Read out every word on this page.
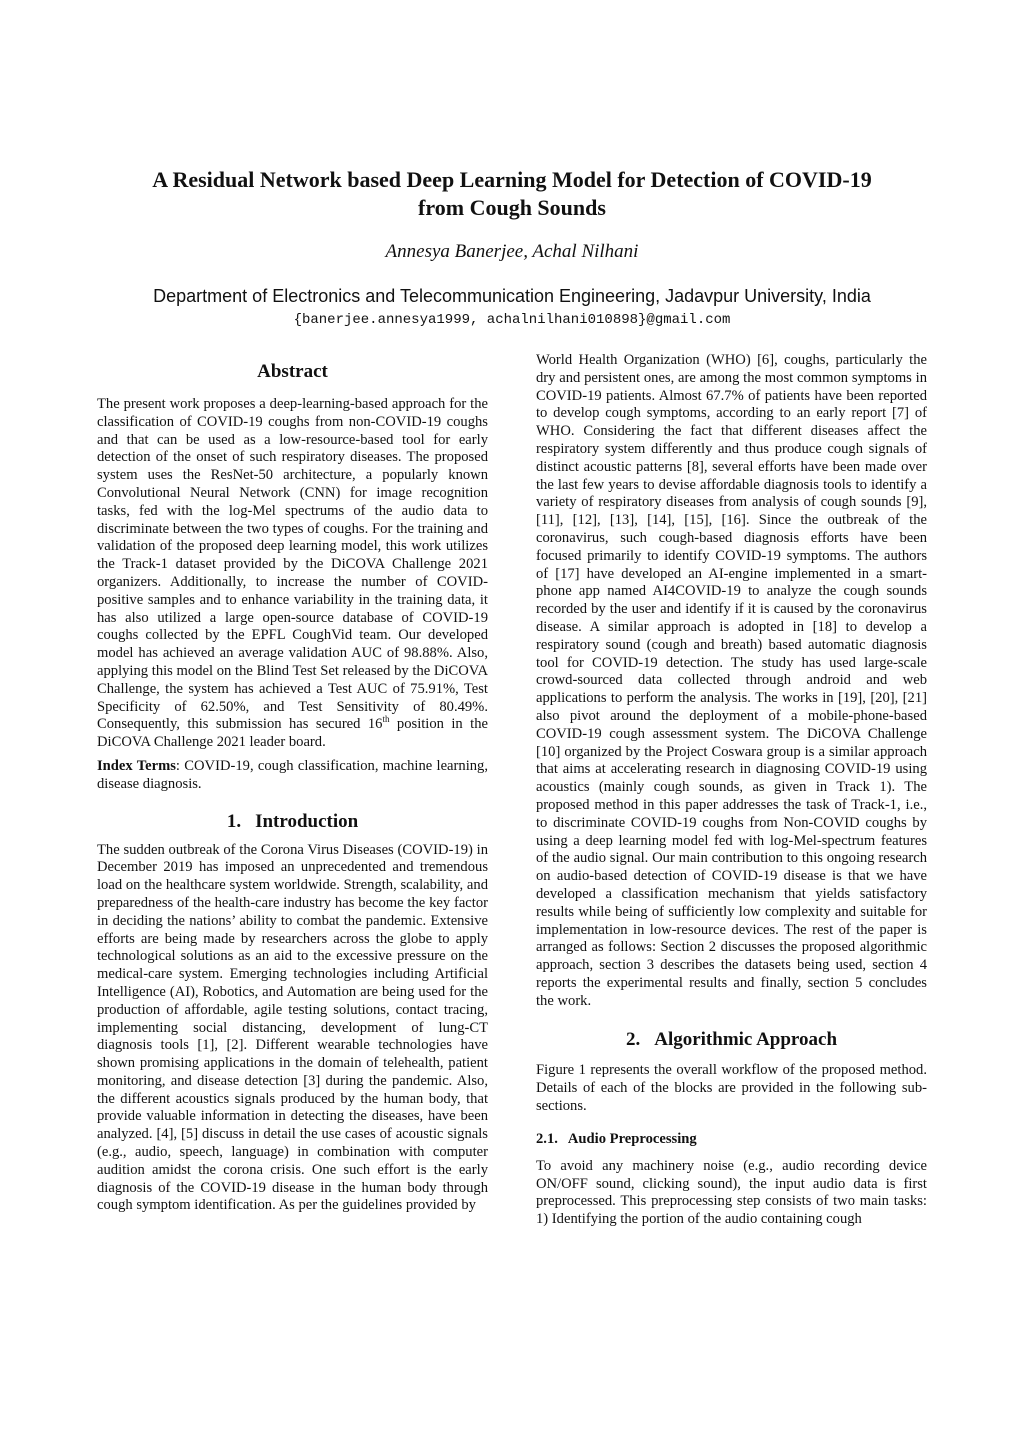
A Residual Network based Deep Learning Model for Detection of COVID-19
from Cough Sounds
Annesya Banerjee, Achal Nilhani
Department of Electronics and Telecommunication Engineering, Jadavpur University, India
{banerjee.annesya1999, achalnilhani010898}@gmail.com
Abstract

The present work proposes a deep-learning-based approach for the classification of COVID-19 coughs from non-COVID-19 coughs and that can be used as a low-resource-based tool for early detection of the onset of such respiratory diseases. The proposed system uses the ResNet-50 architecture, a popularly known Convolutional Neural Network (CNN) for image recognition tasks, fed with the log-Mel spectrums of the audio data to discriminate between the two types of coughs. For the training and validation of the proposed deep learning model, this work utilizes the Track-1 dataset provided by the DiCOVA Challenge 2021 organizers. Additionally, to increase the number of COVID-positive samples and to enhance variability in the training data, it has also utilized a large open-source database of COVID-19 coughs collected by the EPFL CoughVid team. Our developed model has achieved an average validation AUC of 98.88%. Also, applying this model on the Blind Test Set released by the DiCOVA Challenge, the system has achieved a Test AUC of 75.91%, Test Specificity of 62.50%, and Test Sensitivity of 80.49%. Consequently, this submission has secured 16th position in the DiCOVA Challenge 2021 leader board.

Index Terms: COVID-19, cough classification, machine learning, disease diagnosis.

1. Introduction

The sudden outbreak of the Corona Virus Diseases (COVID-19) in December 2019 has imposed an unprecedented and tremendous load on the healthcare system worldwide. Strength, scalability, and preparedness of the health-care industry has become the key factor in deciding the nations’ ability to combat the pandemic. Extensive efforts are being made by researchers across the globe to apply technological solutions as an aid to the excessive pressure on the medical-care system. Emerging technologies including Artificial Intelligence (AI), Robotics, and Automation are being used for the production of affordable, agile testing solutions, contact tracing, implementing social distancing, development of lung-CT diagnosis tools [1], [2]. Different wearable technologies have shown promising applications in the domain of telehealth, patient monitoring, and disease detection [3] during the pandemic. Also, the different acoustics signals produced by the human body, that provide valuable information in detecting the diseases, have been analyzed. [4], [5] discuss in detail the use cases of acoustic signals (e.g., audio, speech, language) in combination with computer audition amidst the corona crisis. One such effort is the early diagnosis of the COVID-19 disease in the human body through cough symptom identification. As per the guidelines provided by

World Health Organization (WHO) [6], coughs, particularly the dry and persistent ones, are among the most common symptoms in COVID-19 patients. Almost 67.7% of patients have been reported to develop cough symptoms, according to an early report [7] of WHO. Considering the fact that different diseases affect the respiratory system differently and thus produce cough signals of distinct acoustic patterns [8], several efforts have been made over the last few years to devise affordable diagnosis tools to identify a variety of respiratory diseases from analysis of cough sounds [9], [11], [12], [13], [14], [15], [16]. Since the outbreak of the coronavirus, such cough-based diagnosis efforts have been focused primarily to identify COVID-19 symptoms. The authors of [17] have developed an AI-engine implemented in a smart-phone app named AI4COVID-19 to analyze the cough sounds recorded by the user and identify if it is caused by the coronavirus disease. A similar approach is adopted in [18] to develop a respiratory sound (cough and breath) based automatic diagnosis tool for COVID-19 detection. The study has used large-scale crowd-sourced data collected through android and web applications to perform the analysis. The works in [19], [20], [21] also pivot around the deployment of a mobile-phone-based COVID-19 cough assessment system. The DiCOVA Challenge [10] organized by the Project Coswara group is a similar approach that aims at accelerating research in diagnosing COVID-19 using acoustics (mainly cough sounds, as given in Track 1). The proposed method in this paper addresses the task of Track-1, i.e., to discriminate COVID-19 coughs from Non-COVID coughs by using a deep learning model fed with log-Mel-spectrum features of the audio signal. Our main contribution to this ongoing research on audio-based detection of COVID-19 disease is that we have developed a classification mechanism that yields satisfactory results while being of sufficiently low complexity and suitable for implementation in low-resource devices. The rest of the paper is arranged as follows: Section 2 discusses the proposed algorithmic approach, section 3 describes the datasets being used, section 4 reports the experimental results and finally, section 5 concludes the work.

2. Algorithmic Approach

Figure 1 represents the overall workflow of the proposed method. Details of each of the blocks are provided in the following sub-sections.

2.1. Audio Preprocessing

To avoid any machinery noise (e.g., audio recording device ON/OFF sound, clicking sound), the input audio data is first preprocessed. This preprocessing step consists of two main tasks: 1) Identifying the portion of the audio containing cough
